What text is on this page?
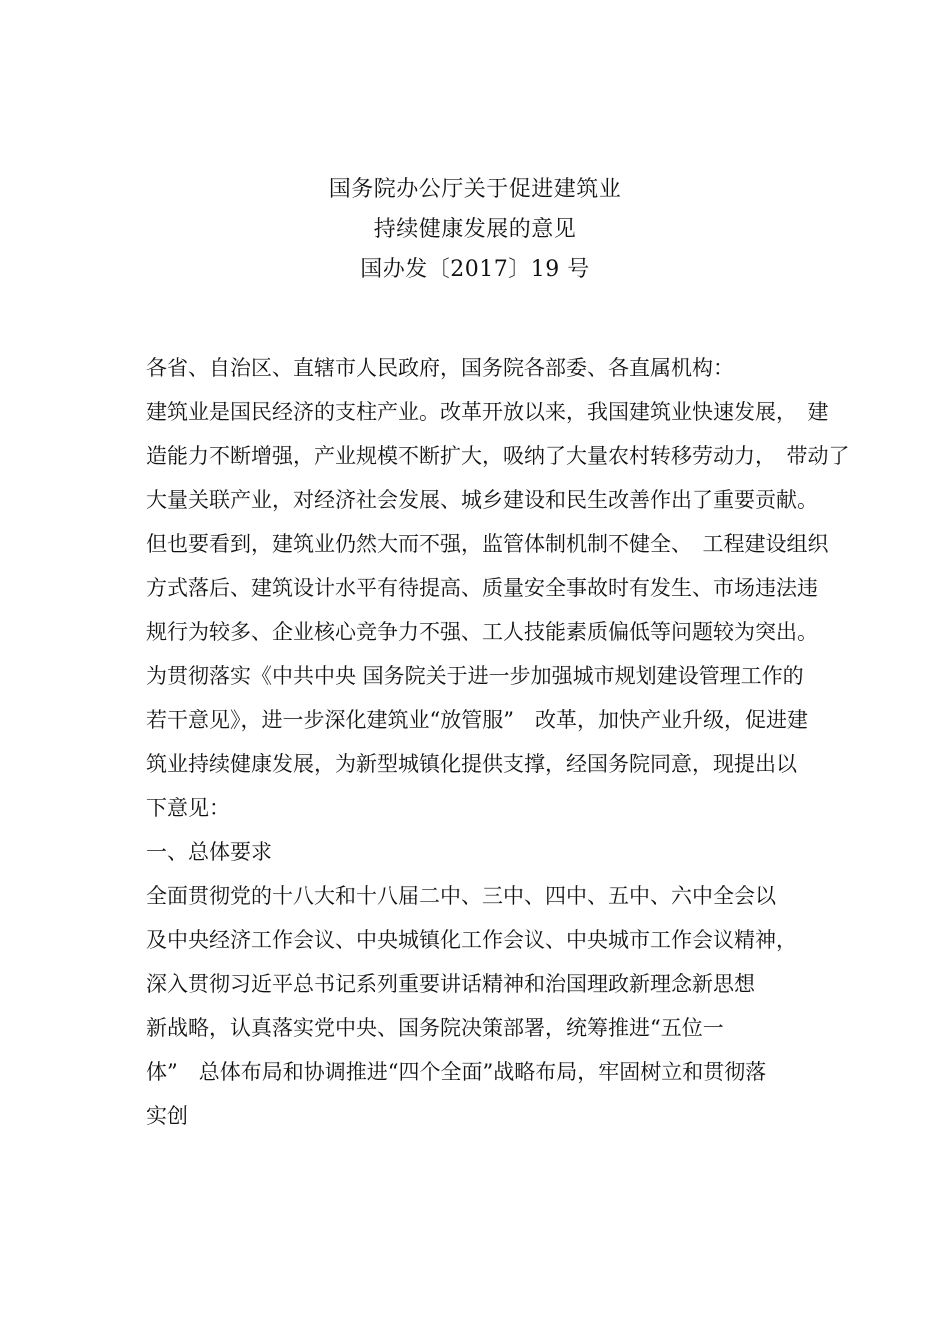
国务院办公厅关于促进建筑业
持续健康发展的意见
国办发〔2017〕19 号
各省、自治区、直辖市人民政府，国务院各部委、各直属机构：
建筑业是国民经济的支柱产业。改革开放以来，我国建筑业快速发展，　建
造能力不断增强，产业规模不断扩大，吸纳了大量农村转移劳动力，　带动了
大量关联产业，对经济社会发展、城乡建设和民生改善作出了重要贡献。
但也要看到，建筑业仍然大而不强，监管体制机制不健全、　工程建设组织
方式落后、建筑设计水平有待提高、质量安全事故时有发生、市场违法违
规行为较多、企业核心竞争力不强、工人技能素质偏低等问题较为突出。
为贯彻落实《中共中央 国务院关于进一步加强城市规划建设管理工作的
若干意见》，进一步深化建筑业“放管服”　改革，加快产业升级，促进建
筑业持续健康发展，为新型城镇化提供支撑，经国务院同意，现提出以
下意见：
一、总体要求
全面贯彻党的十八大和十八届二中、三中、四中、五中、六中全会以
及中央经济工作会议、中央城镇化工作会议、中央城市工作会议精神，
深入贯彻习近平总书记系列重要讲话精神和治国理政新理念新思想
新战略，认真落实党中央、国务院决策部署，统筹推进“五位一
体”　总体布局和协调推进“四个全面”战略布局，牢固树立和贯彻落
实创
